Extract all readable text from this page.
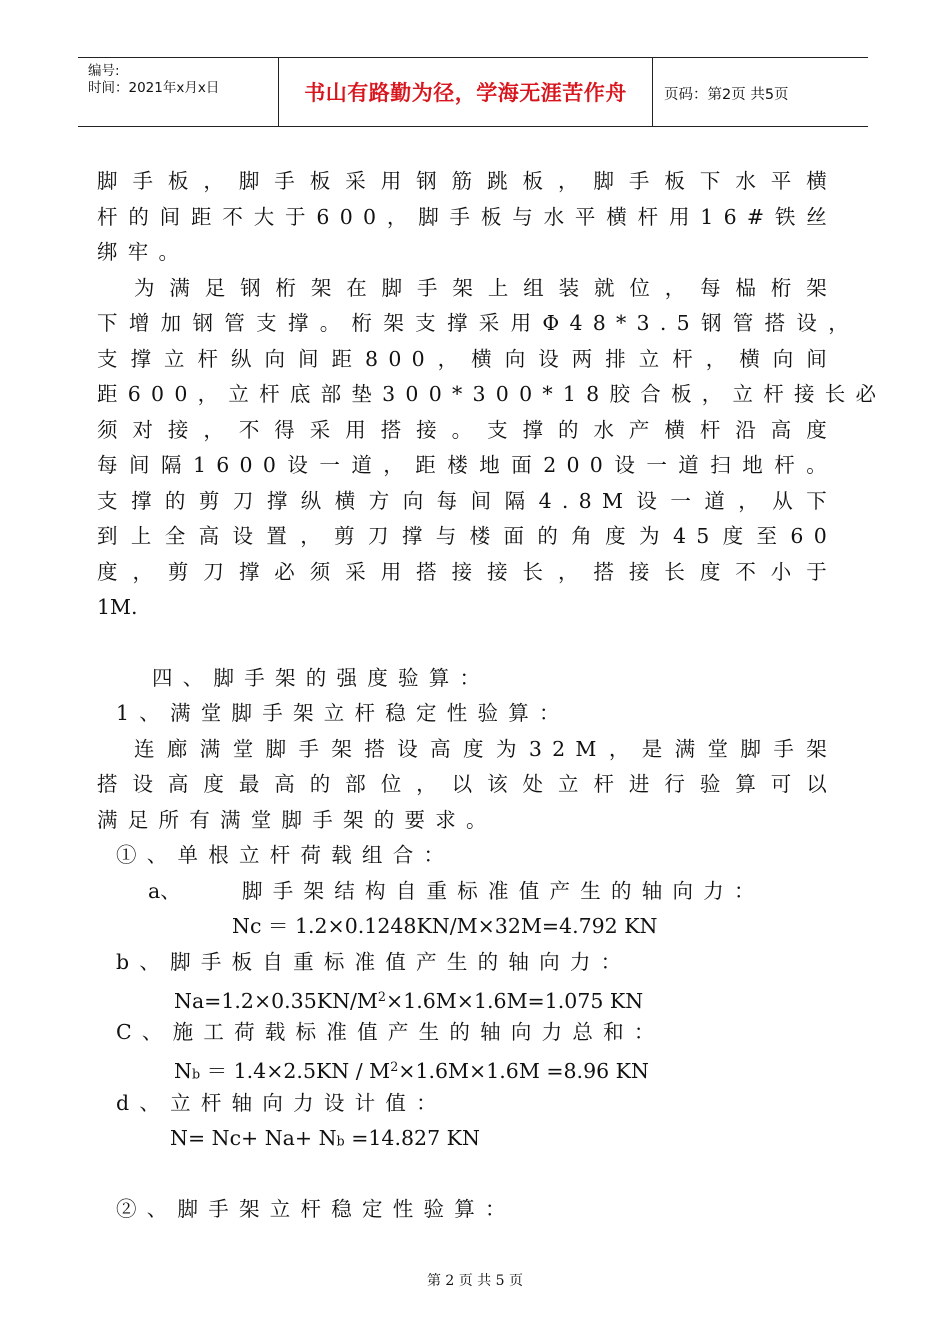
编号:
时间：2021年x月x日	书山有路勤为径，学海无涯苦作舟	页码：第2页 共5页
脚手板，脚手板采用钢筋跳板，脚手板下水平横
杆的间距不大于600，脚手板与水平横杆用16#铁丝
绑牢。
为满足钢桁架在脚手架上组装就位，每榀桁架
下增加钢管支撑。桁架支撑采用Φ48*3.5钢管搭设，
支撑立杆纵向间距800，横向设两排立杆，横向间
距600，立杆底部垫300*300*18胶合板，立杆接长必
须对接，不得采用搭接。支撑的水产横杆沿高度
每间隔1600设一道，距楼地面200设一道扫地杆。
支撑的剪刀撑纵横方向每间隔4.8M设一道，从下
到上全高设置，剪刀撑与楼面的角度为45度至60
度，剪刀撑必须采用搭接接长，搭接长度不小于
1M.
四、脚手架的强度验算：
1、满堂脚手架立杆稳定性验算：
连廊满堂脚手架搭设高度为32M，是满堂脚手架
搭设高度最高的部位，以该处立杆进行验算可以
满足所有满堂脚手架的要求。
①、单根立杆荷载组合：
a、	脚手架结构自重标准值产生的轴向力：
Nc ＝ 1.2×0.1248KN/M×32M=4.792 KN
b、脚手板自重标准值产生的轴向力：
$Na=1.2\times 0.35KN/M^2\times 1.6M\times 1.6M=1.075$ KN
C、施工荷载标准值产生的轴向力总和：
$Nb = 1.4\times 2.5KN / M^2\times 1.6M\times 1.6M =8.96$ KN
d、立杆轴向力设计值：
N= Nc+ Na+ Nb =14.827 KN
②、脚手架立杆稳定性验算：
第 2 页 共 5 页
